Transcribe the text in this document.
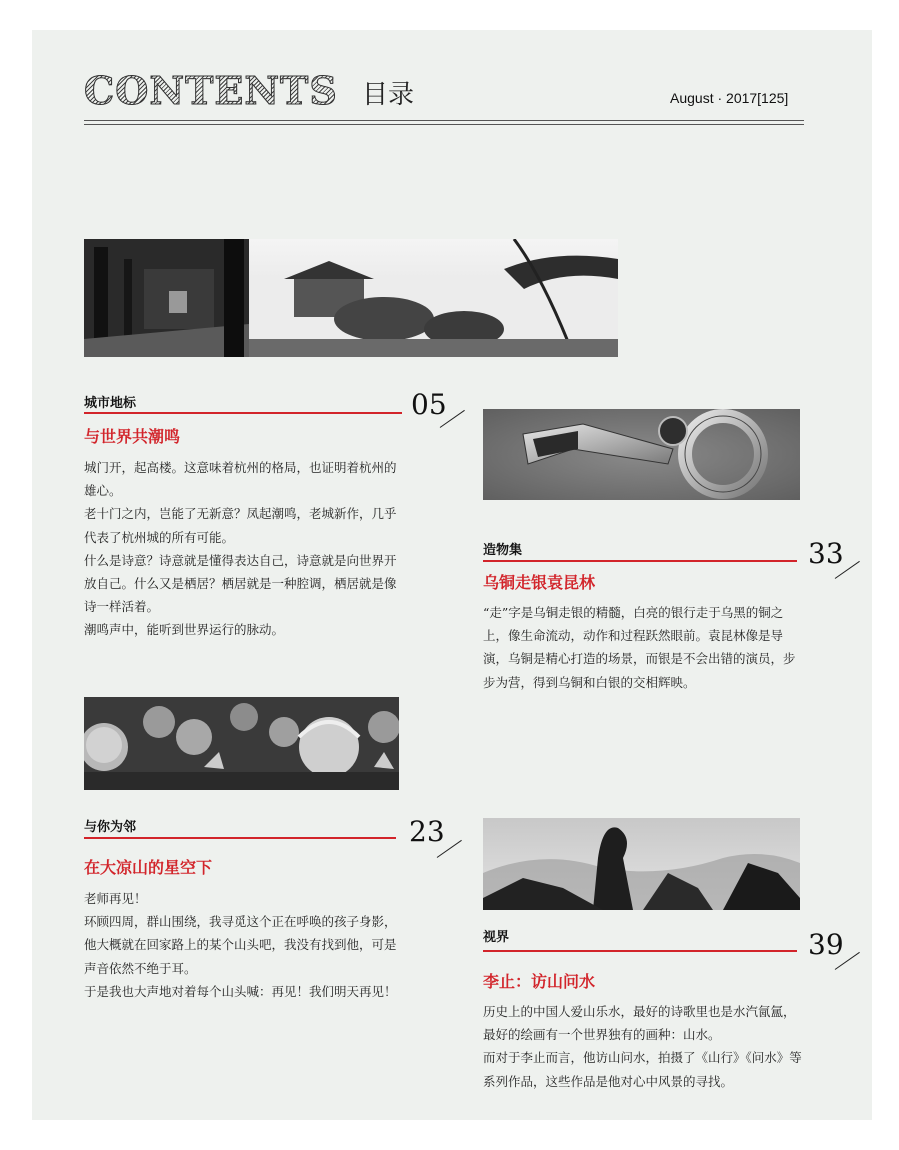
CONTENTS 目录	August · 2017[125]
城市地标	05
与世界共潮鸣

城门开，起高楼。这意味着杭州的格局，也证明着杭州的雄心。

老十门之内，岂能了无新意？凤起潮鸣，老城新作，几乎代表了杭州城的所有可能。

什么是诗意？诗意就是懂得表达自己，诗意就是向世界开放自己。什么又是栖居？栖居就是一种腔调，栖居就是像诗一样活着。

潮鸣声中，能听到世界运行的脉动。

造物集	33
乌铜走银袁昆林

“走”字是乌铜走银的精髓，白亮的银行走于乌黑的铜之上，像生命流动，动作和过程跃然眼前。袁昆林像是导演，乌铜是精心打造的场景，而银是不会出错的演员，步步为营，得到乌铜和白银的交相辉映。

与你为邻	23
在大凉山的星空下

老师再见！

环顾四周，群山围绕，我寻觅这个正在呼唤的孩子身影，他大概就在回家路上的某个山头吧，我没有找到他，可是声音依然不绝于耳。

于是我也大声地对着每个山头喊：再见！我们明天再见！

视界	39
李止：访山问水

历史上的中国人爱山乐水，最好的诗歌里也是水汽氤氲，最好的绘画有一个世界独有的画种：山水。

而对于李止而言，他访山问水，拍摄了《山行》《问水》等系列作品，这些作品是他对心中风景的寻找。
